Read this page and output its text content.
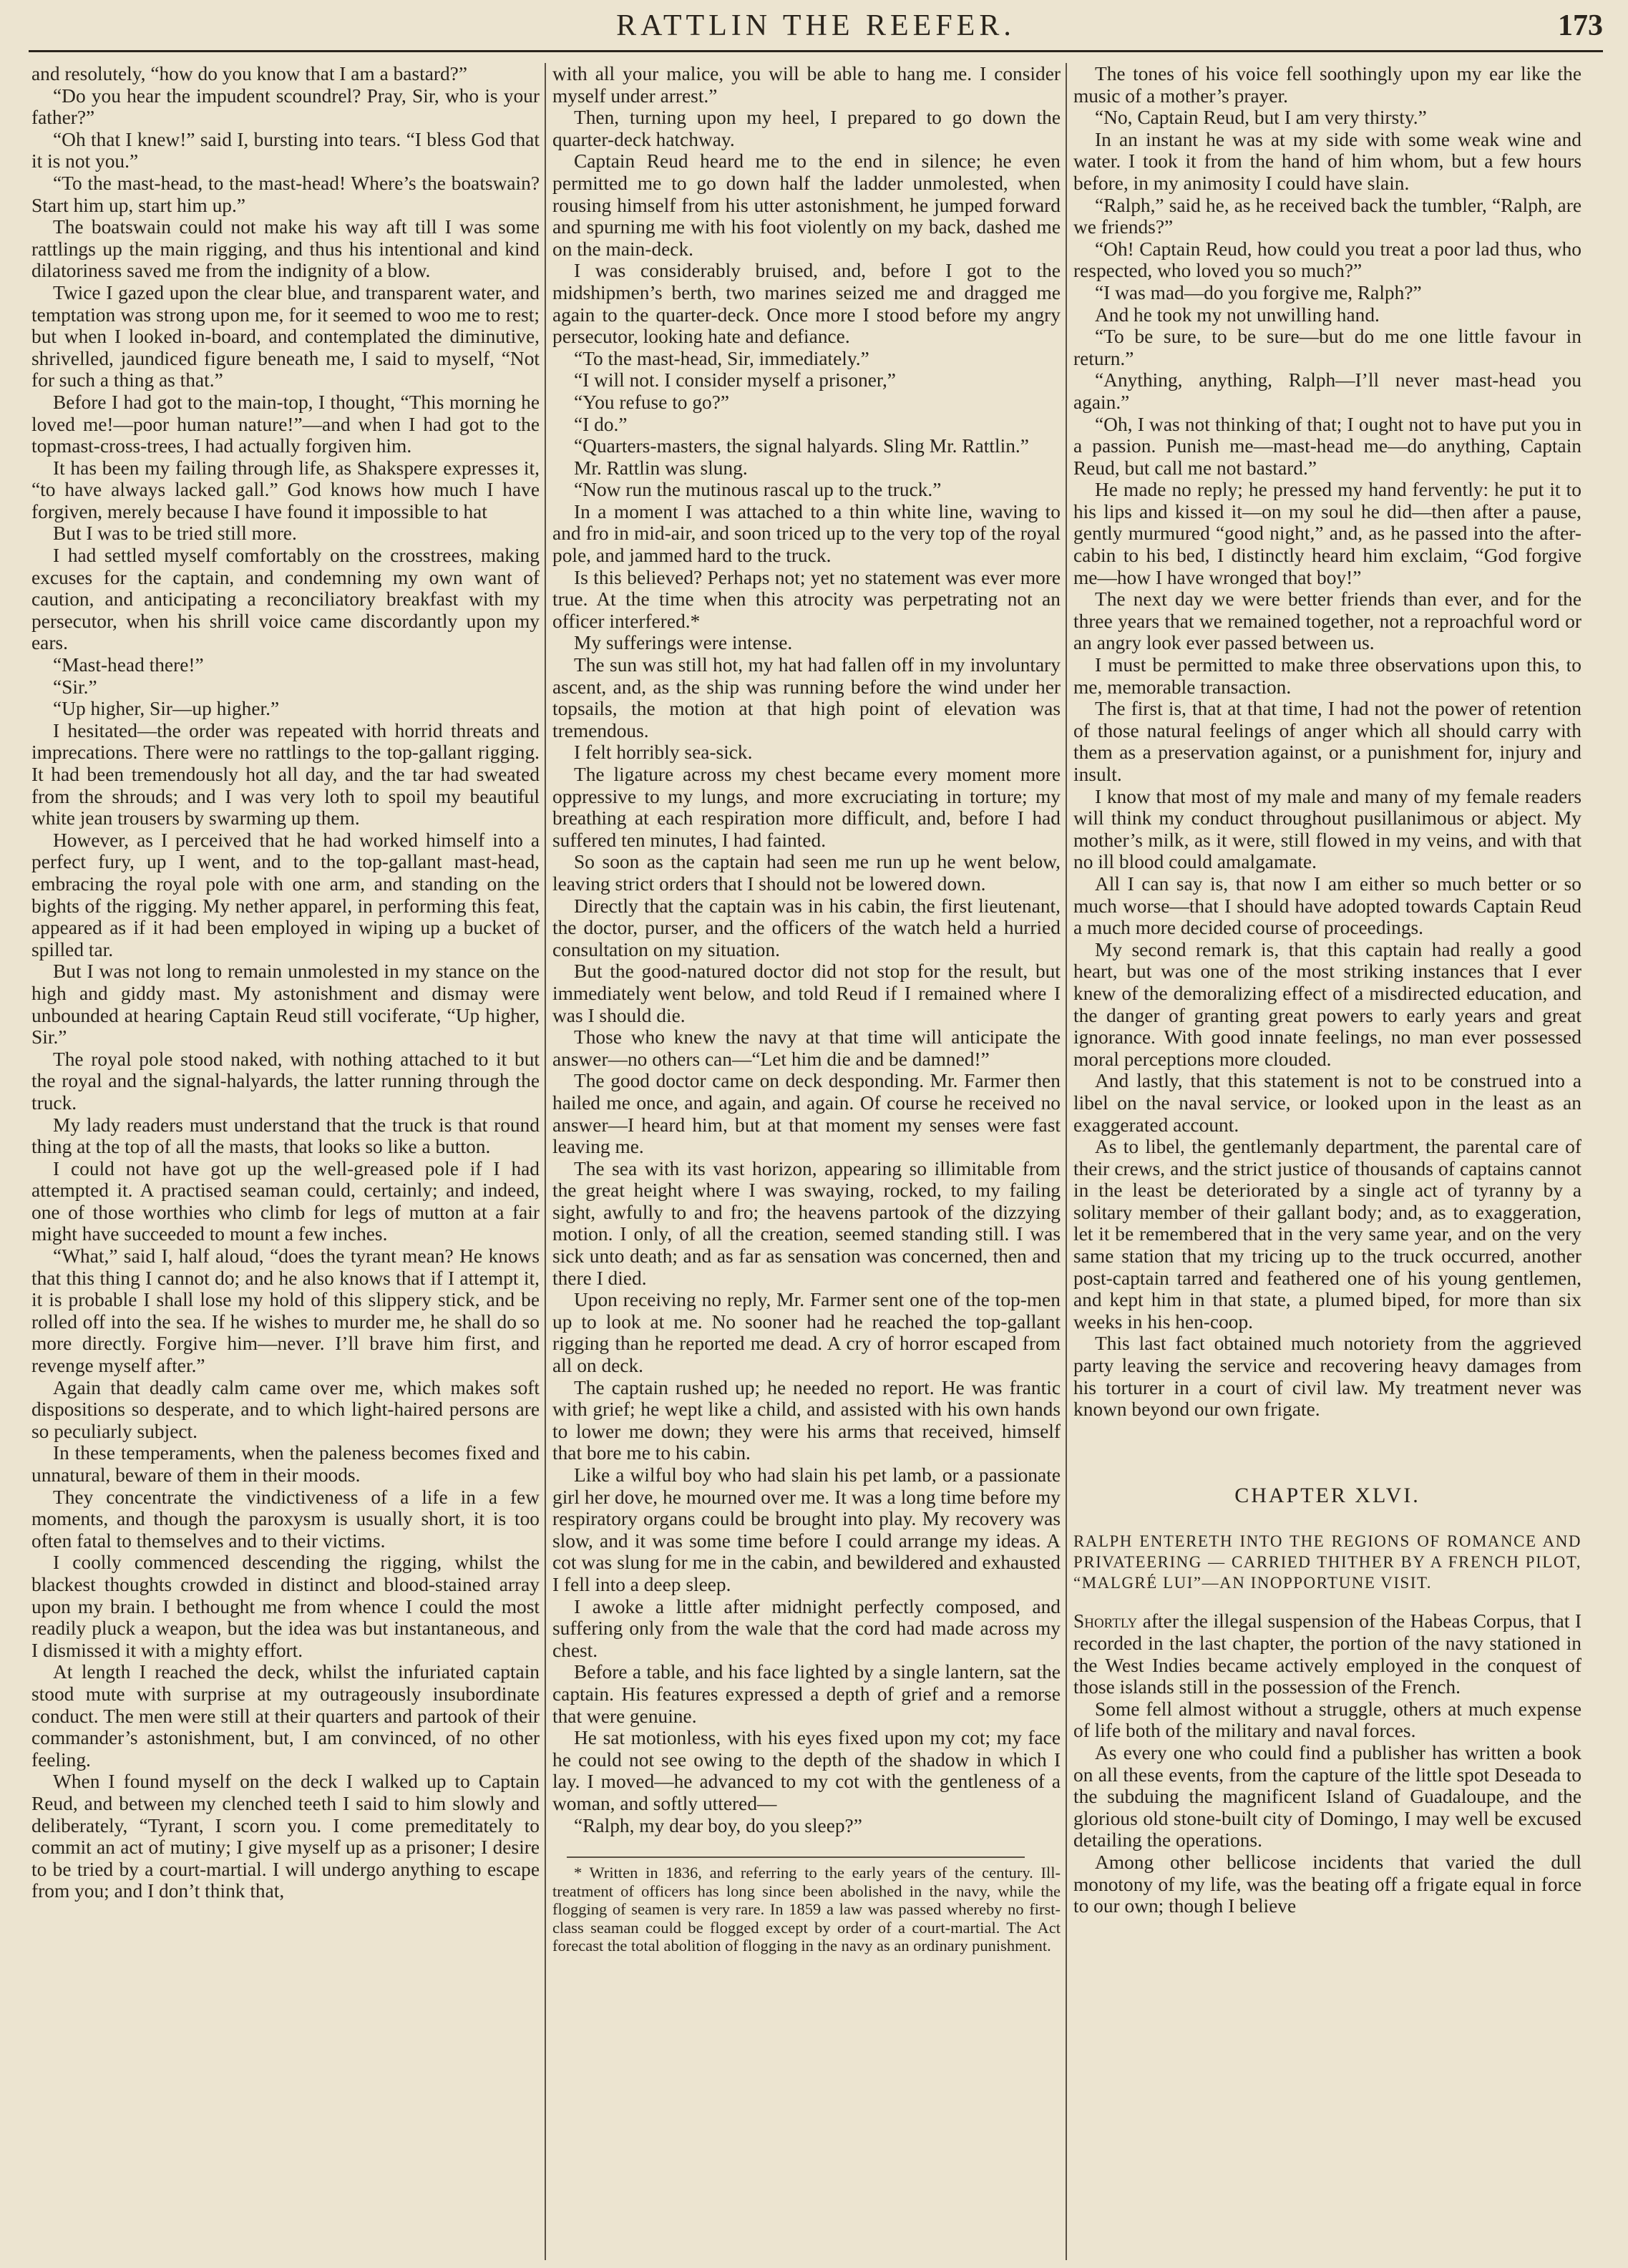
RATTLIN THE REEFER.	173

and resolutely, “how do you know that I am a bastard?”

“Do you hear the impudent scoundrel? Pray, Sir, who is your father?”

“Oh that I knew!” said I, bursting into tears. “I bless God that it is not you.”

“To the mast-head, to the mast-head! Where’s the boatswain? Start him up, start him up.”

The boatswain could not make his way aft till I was some rattlings up the main rigging, and thus his intentional and kind dilatoriness saved me from the indignity of a blow.

Twice I gazed upon the clear blue, and transparent water, and temptation was strong upon me, for it seemed to woo me to rest; but when I looked in-board, and contemplated the diminutive, shrivelled, jaundiced figure beneath me, I said to myself, “Not for such a thing as that.”

Before I had got to the main-top, I thought, “This morning he loved me!—poor human nature!”—and when I had got to the topmast-cross-trees, I had actually forgiven him.

It has been my failing through life, as Shakspere expresses it, “to have always lacked gall.” God knows how much I have forgiven, merely because I have found it impossible to hat

But I was to be tried still more.

I had settled myself comfortably on the crosstrees, making excuses for the captain, and condemning my own want of caution, and anticipating a reconciliatory breakfast with my persecutor, when his shrill voice came discordantly upon my ears.

“Mast-head there!”

“Sir.”

“Up higher, Sir—up higher.”

I hesitated—the order was repeated with horrid threats and imprecations. There were no rattlings to the top-gallant rigging. It had been tremendously hot all day, and the tar had sweated from the shrouds; and I was very loth to spoil my beautiful white jean trousers by swarming up them.

However, as I perceived that he had worked himself into a perfect fury, up I went, and to the top-gallant mast-head, embracing the royal pole with one arm, and standing on the bights of the rigging. My nether apparel, in performing this feat, appeared as if it had been employed in wiping up a bucket of spilled tar.

But I was not long to remain unmolested in my stance on the high and giddy mast. My astonishment and dismay were unbounded at hearing Captain Reud still vociferate, “Up higher, Sir.”

The royal pole stood naked, with nothing attached to it but the royal and the signal-halyards, the latter running through the truck.

My lady readers must understand that the truck is that round thing at the top of all the masts, that looks so like a button.

I could not have got up the well-greased pole if I had attempted it. A practised seaman could, certainly; and indeed, one of those worthies who climb for legs of mutton at a fair might have succeeded to mount a few inches.

“What,” said I, half aloud, “does the tyrant mean? He knows that this thing I cannot do; and he also knows that if I attempt it, it is probable I shall lose my hold of this slippery stick, and be rolled off into the sea. If he wishes to murder me, he shall do so more directly. Forgive him—never. I’ll brave him first, and revenge myself after.”

Again that deadly calm came over me, which makes soft dispositions so desperate, and to which light-haired persons are so peculiarly subject.

In these temperaments, when the paleness becomes fixed and unnatural, beware of them in their moods.

They concentrate the vindictiveness of a life in a few moments, and though the paroxysm is usually short, it is too often fatal to themselves and to their victims.

I coolly commenced descending the rigging, whilst the blackest thoughts crowded in distinct and blood-stained array upon my brain. I bethought me from whence I could the most readily pluck a weapon, but the idea was but instantaneous, and I dismissed it with a mighty effort.

At length I reached the deck, whilst the infuriated captain stood mute with surprise at my outrageously insubordinate conduct. The men were still at their quarters and partook of their commander’s astonishment, but, I am convinced, of no other feeling.

When I found myself on the deck I walked up to Captain Reud, and between my clenched teeth I said to him slowly and deliberately, “Tyrant, I scorn you. I come premeditately to commit an act of mutiny; I give myself up as a prisoner; I desire to be tried by a court-martial. I will undergo anything to escape from you; and I don’t think that,

with all your malice, you will be able to hang me. I consider myself under arrest.”

Then, turning upon my heel, I prepared to go down the quarter-deck hatchway.

Captain Reud heard me to the end in silence; he even permitted me to go down half the ladder unmolested, when rousing himself from his utter astonishment, he jumped forward and spurning me with his foot violently on my back, dashed me on the main-deck.

I was considerably bruised, and, before I got to the midshipmen’s berth, two marines seized me and dragged me again to the quarter-deck. Once more I stood before my angry persecutor, looking hate and defiance.

“To the mast-head, Sir, immediately.”

“I will not. I consider myself a prisoner,”

“You refuse to go?”

“I do.”

“Quarters-masters, the signal halyards. Sling Mr. Rattlin.”

Mr. Rattlin was slung.

“Now run the mutinous rascal up to the truck.”

In a moment I was attached to a thin white line, waving to and fro in mid-air, and soon triced up to the very top of the royal pole, and jammed hard to the truck.

Is this believed? Perhaps not; yet no statement was ever more true. At the time when this atrocity was perpetrating not an officer interfered.*

My sufferings were intense.

The sun was still hot, my hat had fallen off in my involuntary ascent, and, as the ship was running before the wind under her topsails, the motion at that high point of elevation was tremendous.

I felt horribly sea-sick.

The ligature across my chest became every moment more oppressive to my lungs, and more excruciating in torture; my breathing at each respiration more difficult, and, before I had suffered ten minutes, I had fainted.

So soon as the captain had seen me run up he went below, leaving strict orders that I should not be lowered down.

Directly that the captain was in his cabin, the first lieutenant, the doctor, purser, and the officers of the watch held a hurried consultation on my situation.

But the good-natured doctor did not stop for the result, but immediately went below, and told Reud if I remained where I was I should die.

Those who knew the navy at that time will anticipate the answer—no others can—“Let him die and be damned!”

The good doctor came on deck desponding. Mr. Farmer then hailed me once, and again, and again. Of course he received no answer—I heard him, but at that moment my senses were fast leaving me.

The sea with its vast horizon, appearing so illimitable from the great height where I was swaying, rocked, to my failing sight, awfully to and fro; the heavens partook of the dizzying motion. I only, of all the creation, seemed standing still. I was sick unto death; and as far as sensation was concerned, then and there I died.

Upon receiving no reply, Mr. Farmer sent one of the top-men up to look at me. No sooner had he reached the top-gallant rigging than he reported me dead. A cry of horror escaped from all on deck.

The captain rushed up; he needed no report. He was frantic with grief; he wept like a child, and assisted with his own hands to lower me down; they were his arms that received, himself that bore me to his cabin.

Like a wilful boy who had slain his pet lamb, or a passionate girl her dove, he mourned over me. It was a long time before my respiratory organs could be brought into play. My recovery was slow, and it was some time before I could arrange my ideas. A cot was slung for me in the cabin, and bewildered and exhausted I fell into a deep sleep.

I awoke a little after midnight perfectly composed, and suffering only from the wale that the cord had made across my chest.

Before a table, and his face lighted by a single lantern, sat the captain. His features expressed a depth of grief and a remorse that were genuine.

He sat motionless, with his eyes fixed upon my cot; my face he could not see owing to the depth of the shadow in which I lay. I moved—he advanced to my cot with the gentleness of a woman, and softly uttered—

“Ralph, my dear boy, do you sleep?”

* Written in 1836, and referring to the early years of the century. Ill-treatment of officers has long since been abolished in the navy, while the flogging of seamen is very rare. In 1859 a law was passed whereby no first-class seaman could be flogged except by order of a court-martial. The Act forecast the total abolition of flogging in the navy as an ordinary punishment.

The tones of his voice fell soothingly upon my ear like the music of a mother’s prayer.

“No, Captain Reud, but I am very thirsty.”

In an instant he was at my side with some weak wine and water. I took it from the hand of him whom, but a few hours before, in my animosity I could have slain.

“Ralph,” said he, as he received back the tumbler, “Ralph, are we friends?”

“Oh! Captain Reud, how could you treat a poor lad thus, who respected, who loved you so much?”

“I was mad—do you forgive me, Ralph?”

And he took my not unwilling hand.

“To be sure, to be sure—but do me one little favour in return.”

“Anything, anything, Ralph—I’ll never mast-head you again.”

“Oh, I was not thinking of that; I ought not to have put you in a passion. Punish me—mast-head me—do anything, Captain Reud, but call me not bastard.”

He made no reply; he pressed my hand fervently: he put it to his lips and kissed it—on my soul he did—then after a pause, gently murmured “good night,” and, as he passed into the after-cabin to his bed, I distinctly heard him exclaim, “God forgive me—how I have wronged that boy!”

The next day we were better friends than ever, and for the three years that we remained together, not a reproachful word or an angry look ever passed between us.

I must be permitted to make three observations upon this, to me, memorable transaction.

The first is, that at that time, I had not the power of retention of those natural feelings of anger which all should carry with them as a preservation against, or a punishment for, injury and insult.

I know that most of my male and many of my female readers will think my conduct throughout pusillanimous or abject. My mother’s milk, as it were, still flowed in my veins, and with that no ill blood could amalgamate.

All I can say is, that now I am either so much better or so much worse—that I should have adopted towards Captain Reud a much more decided course of proceedings.

My second remark is, that this captain had really a good heart, but was one of the most striking instances that I ever knew of the demoralizing effect of a misdirected education, and the danger of granting great powers to early years and great ignorance. With good innate feelings, no man ever possessed moral perceptions more clouded.

And lastly, that this statement is not to be construed into a libel on the naval service, or looked upon in the least as an exaggerated account.

As to libel, the gentlemanly department, the parental care of their crews, and the strict justice of thousands of captains cannot in the least be deteriorated by a single act of tyranny by a solitary member of their gallant body; and, as to exaggeration, let it be remembered that in the very same year, and on the very same station that my tricing up to the truck occurred, another post-captain tarred and feathered one of his young gentlemen, and kept him in that state, a plumed biped, for more than six weeks in his hen-coop.

This last fact obtained much notoriety from the aggrieved party leaving the service and recovering heavy damages from his torturer in a court of civil law. My treatment never was known beyond our own frigate.

CHAPTER XLVI.
RALPH ENTERETH INTO THE REGIONS OF ROMANCE AND PRIVATEERING — CARRIED THITHER BY A FRENCH PILOT, “MALGRÉ LUI”—AN INOPPORTUNE VISIT.

Shortly after the illegal suspension of the Habeas Corpus, that I recorded in the last chapter, the portion of the navy stationed in the West Indies became actively employed in the conquest of those islands still in the possession of the French.

Some fell almost without a struggle, others at much expense of life both of the military and naval forces.

As every one who could find a publisher has written a book on all these events, from the capture of the little spot Deseada to the subduing the magnificent Island of Guadaloupe, and the glorious old stone-built city of Domingo, I may well be excused detailing the operations.

Among other bellicose incidents that varied the dull monotony of my life, was the beating off a frigate equal in force to our own; though I believe
